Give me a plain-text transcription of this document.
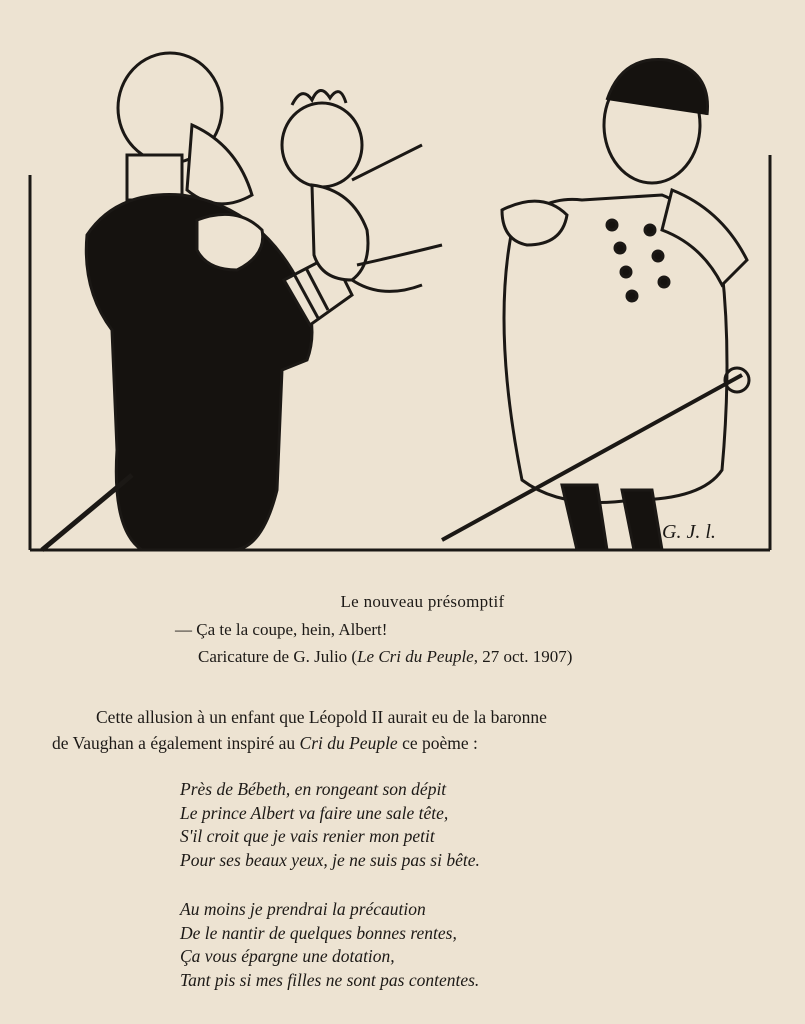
G. J. l.
Le nouveau présomptif
— Ça te la coupe, hein, Albert!
Caricature de G. Julio (Le Cri du Peuple, 27 oct. 1907)
Cette allusion à un enfant que Léopold II aurait eu de la baronne
de Vaughan a également inspiré au Cri du Peuple ce poème :
Près de Bébeth, en rongeant son dépit
Le prince Albert va faire une sale tête,
S'il croit que je vais renier mon petit
Pour ses beaux yeux, je ne suis pas si bête.
Au moins je prendrai la précaution
De le nantir de quelques bonnes rentes,
Ça vous épargne une dotation,
Tant pis si mes filles ne sont pas contentes.
